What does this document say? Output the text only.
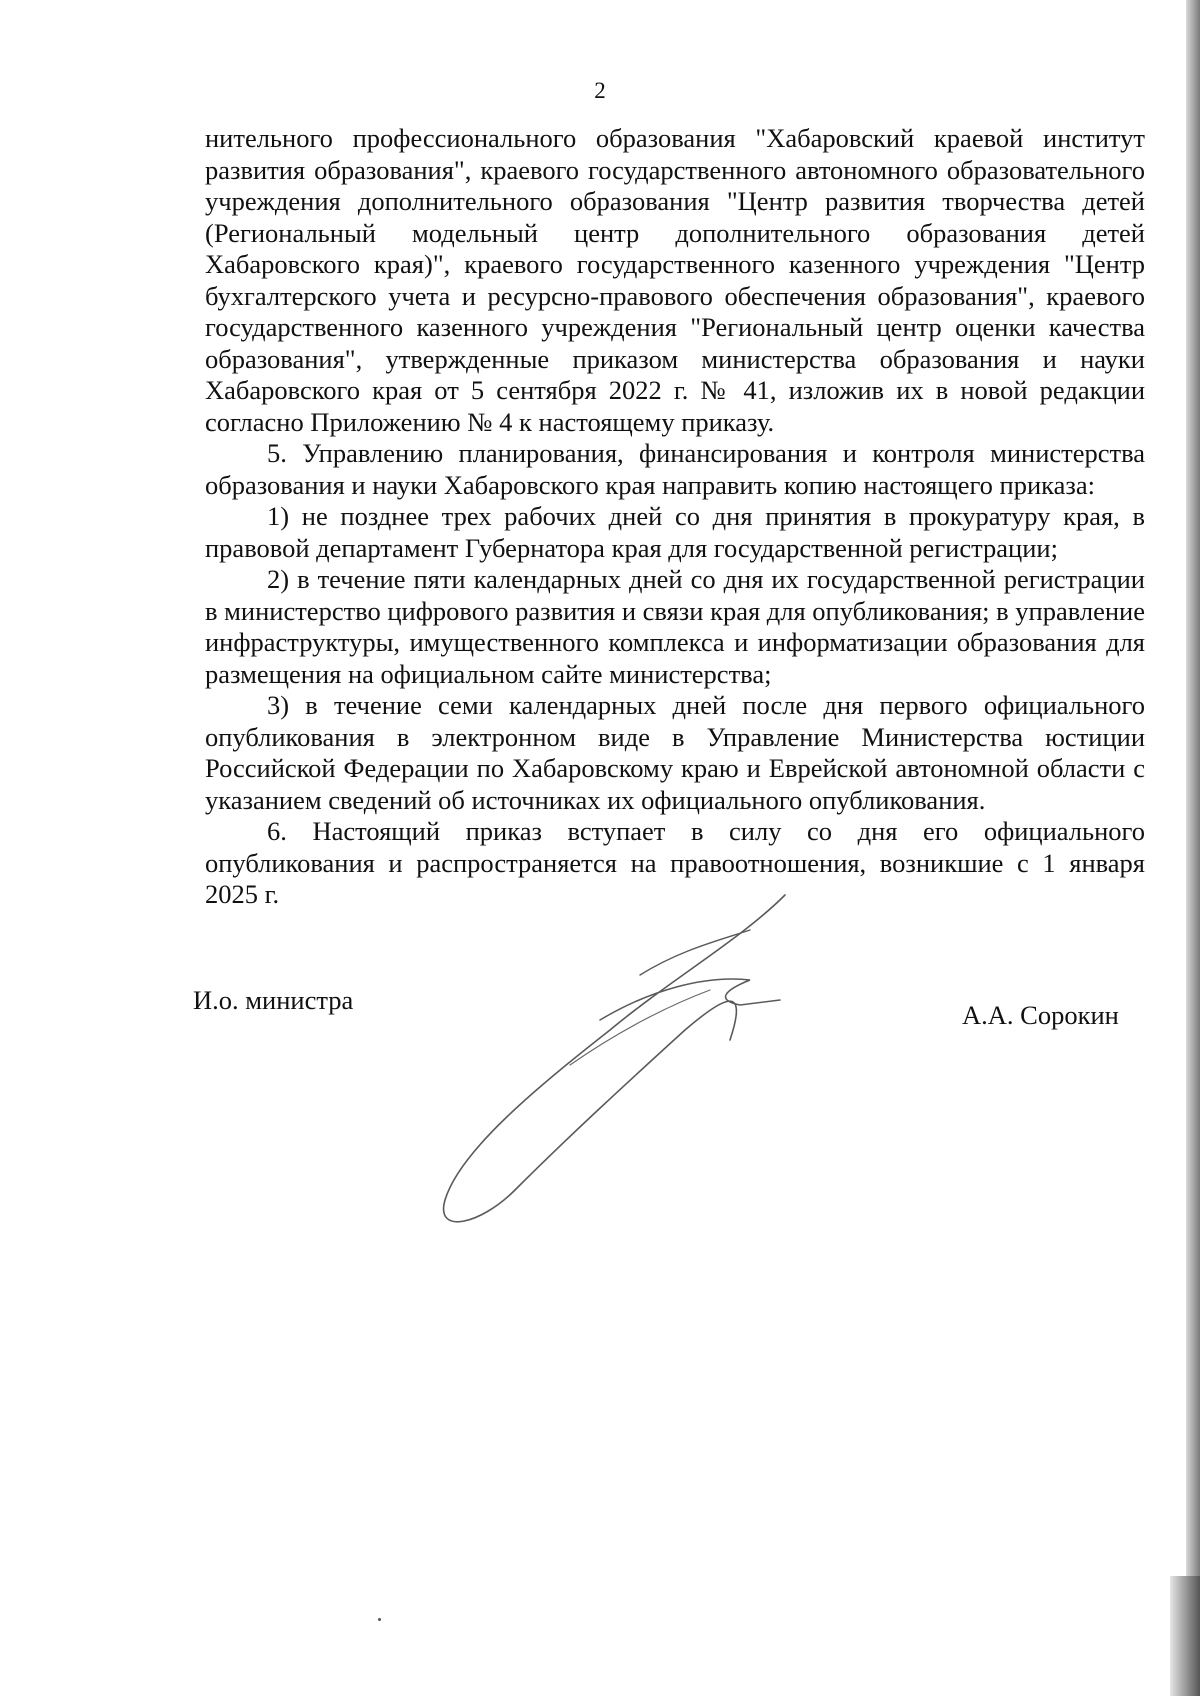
2

нительного профессионального образования "Хабаровский краевой институт развития образования", краевого государственного автономного образовательного учреждения дополнительного образования "Центр развития творчества детей (Региональный модельный центр дополнительного образования детей Хабаровского края)", краевого государственного казенного учреждения "Центр бухгалтерского учета и ресурсно-правового обеспечения образования", краевого государственного казенного учреждения "Региональный центр оценки качества образования", утвержденные приказом министерства образования и науки Хабаровского края от 5 сентября 2022 г. № 41, изложив их в новой редакции согласно Приложению № 4 к настоящему приказу.

5. Управлению планирования, финансирования и контроля министерства образования и науки Хабаровского края направить копию настоящего приказа:

1) не позднее трех рабочих дней со дня принятия в прокуратуру края, в правовой департамент Губернатора края для государственной регистрации;

2) в течение пяти календарных дней со дня их государственной регистрации в министерство цифрового развития и связи края для опубликования; в управление инфраструктуры, имущественного комплекса и информатизации образования для размещения на официальном сайте министерства;

3) в течение семи календарных дней после дня первого официального опубликования в электронном виде в Управление Министерства юстиции Российской Федерации по Хабаровскому краю и Еврейской автономной области с указанием сведений об источниках их официального опубликования.

6. Настоящий приказ вступает в силу со дня его официального опубликования и распространяется на правоотношения, возникшие с 1 января 2025 г.

И.о. министра	А.А. Сорокин
